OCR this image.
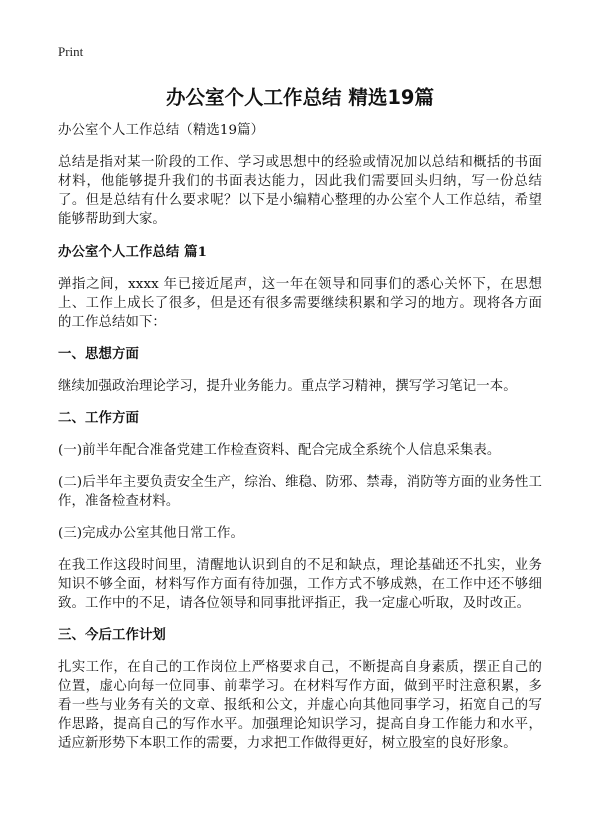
Print
办公室个人工作总结 精选19篇

办公室个人工作总结（精选19篇）

总结是指对某一阶段的工作、学习或思想中的经验或情况加以总结和概括的书面材料，他能够提升我们的书面表达能力，因此我们需要回头归纳，写一份总结了。但是总结有什么要求呢？以下是小编精心整理的办公室个人工作总结，希望能够帮助到大家。

办公室个人工作总结 篇1

弹指之间，xxxx 年已接近尾声，这一年在领导和同事们的悉心关怀下，在思想上、工作上成长了很多，但是还有很多需要继续积累和学习的地方。现将各方面的工作总结如下：

一、思想方面

继续加强政治理论学习，提升业务能力。重点学习精神，撰写学习笔记一本。

二、工作方面

(一)前半年配合准备党建工作检查资料、配合完成全系统个人信息采集表。

(二)后半年主要负责安全生产，综治、维稳、防邪、禁毒，消防等方面的业务性工作，准备检查材料。

(三)完成办公室其他日常工作。

在我工作这段时间里，清醒地认识到自的不足和缺点，理论基础还不扎实，业务知识不够全面，材料写作方面有待加强，工作方式不够成熟，在工作中还不够细致。工作中的不足，请各位领导和同事批评指正，我一定虚心听取，及时改正。

三、今后工作计划

扎实工作，在自己的工作岗位上严格要求自己，不断提高自身素质，摆正自己的位置，虚心向每一位同事、前辈学习。在材料写作方面，做到平时注意积累，多看一些与业务有关的文章、报纸和公文，并虚心向其他同事学习，拓宽自己的写作思路，提高自己的写作水平。加强理论知识学习，提高自身工作能力和水平，适应新形势下本职工作的需要，力求把工作做得更好，树立股室的良好形象。
